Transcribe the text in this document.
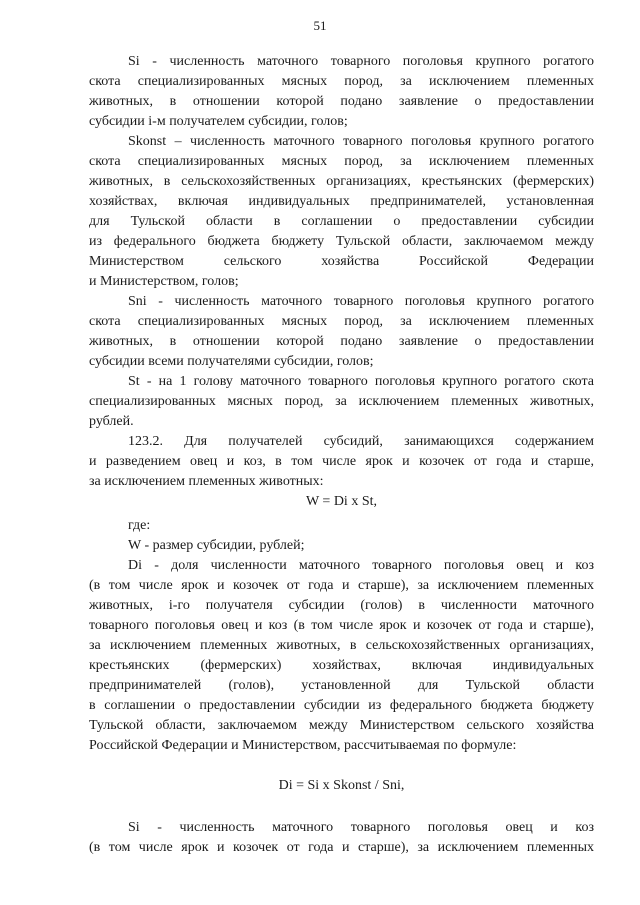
51
Si - численность маточного товарного поголовья крупного рогатого
скота специализированных мясных пород, за исключением племенных
животных, в отношении которой подано заявление о предоставлении
субсидии i-м получателем субсидии, голов;
Skonst – численность маточного товарного поголовья крупного рогатого
скота специализированных мясных пород, за исключением племенных
животных, в сельскохозяйственных организациях, крестьянских (фермерских)
хозяйствах, включая индивидуальных предпринимателей, установленная
для Тульской области в соглашении о предоставлении субсидии
из федерального бюджета бюджету Тульской области, заключаемом между
Министерством сельского хозяйства Российской Федерации
и Министерством, голов;
Sni - численность маточного товарного поголовья крупного рогатого
скота специализированных мясных пород, за исключением племенных
животных, в отношении которой подано заявление о предоставлении
субсидии всеми получателями субсидии, голов;
St - на 1 голову маточного товарного поголовья крупного рогатого скота
специализированных мясных пород, за исключением племенных животных,
рублей.
123.2. Для получателей субсидий, занимающихся содержанием
и разведением овец и коз, в том числе ярок и козочек от года и старше,
за исключением племенных животных:
W = Di x St,
где:
W - размер субсидии, рублей;
Di - доля численности маточного товарного поголовья овец и коз
(в том числе ярок и козочек от года и старше), за исключением племенных
животных, i-го получателя субсидии (голов) в численности маточного
товарного поголовья овец и коз (в том числе ярок и козочек от года и старше),
за исключением племенных животных, в сельскохозяйственных организациях,
крестьянских (фермерских) хозяйствах, включая индивидуальных
предпринимателей (голов), установленной для Тульской области
в соглашении о предоставлении субсидии из федерального бюджета бюджету
Тульской области, заключаемом между Министерством сельского хозяйства
Российской Федерации и Министерством, рассчитываемая по формуле:
Di = Si x Skonst / Sni,
Si - численность маточного товарного поголовья овец и коз
(в том числе ярок и козочек от года и старше), за исключением племенных
